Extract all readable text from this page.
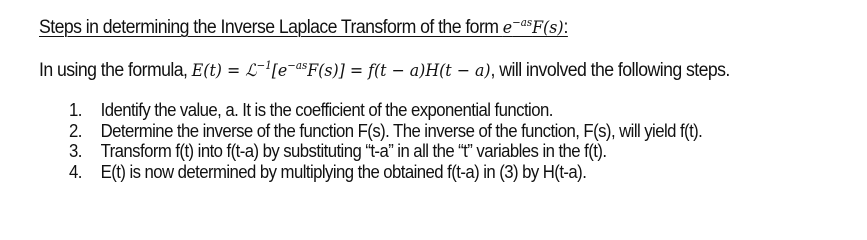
Steps in determining the Inverse Laplace Transform of the form $e^{-as}F(s)$:
In using the formula, $E(t) = ℒ^{-1}[e^{-as}F(s)] = f(t - a)H(t - a)$, will involved the following steps.
1.	Identify the value, a. It is the coefficient of the exponential function.
2.	Determine the inverse of the function F(s). The inverse of the function, F(s), will yield f(t).
3.	Transform f(t) into f(t-a) by substituting “t-a” in all the “t” variables in the f(t).
4.	E(t) is now determined by multiplying the obtained f(t-a) in (3) by H(t-a).
